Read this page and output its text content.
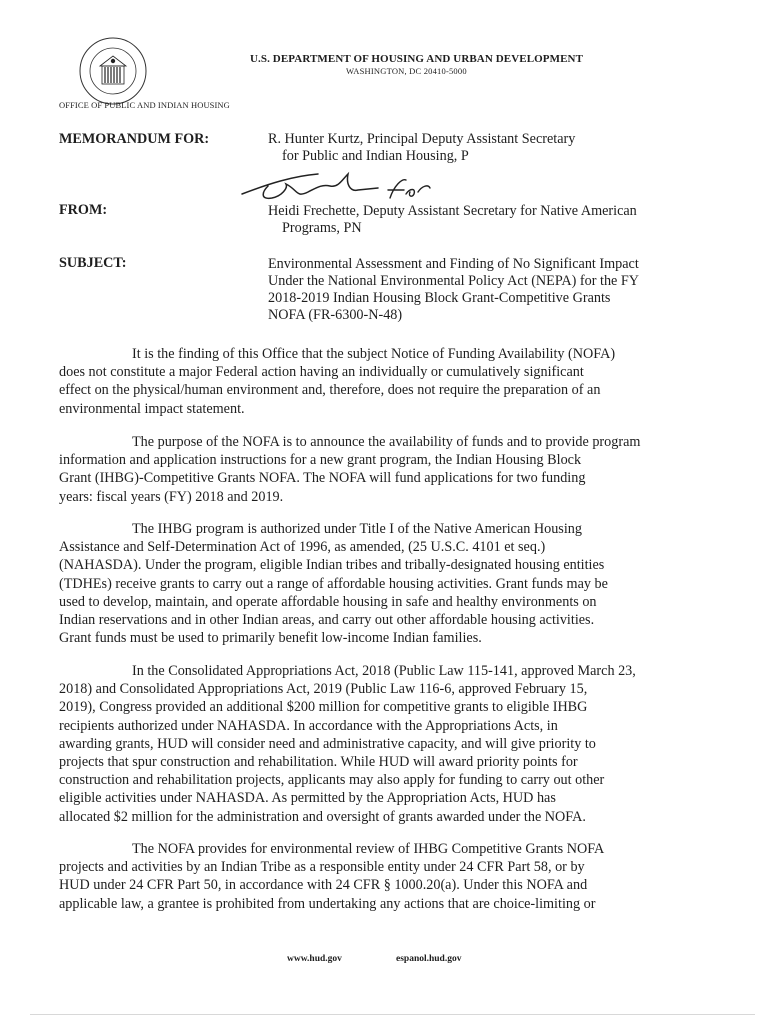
U.S. DEPARTMENT OF HOUSING AND URBAN DEVELOPMENT
WASHINGTON, DC 20410-5000
OFFICE OF PUBLIC AND INDIAN HOUSING
MEMORANDUM FOR:	R. Hunter Kurtz, Principal Deputy Assistant Secretary
for Public and Indian Housing, P
FROM:	Heidi Frechette, Deputy Assistant Secretary for Native American
Programs, PN
SUBJECT:	Environmental Assessment and Finding of No Significant Impact
Under the National Environmental Policy Act (NEPA) for the FY
2018-2019 Indian Housing Block Grant-Competitive Grants
NOFA (FR-6300-N-48)
It is the finding of this Office that the subject Notice of Funding Availability (NOFA)
does not constitute a major Federal action having an individually or cumulatively significant
effect on the physical/human environment and, therefore, does not require the preparation of an
environmental impact statement.
The purpose of the NOFA is to announce the availability of funds and to provide program
information and application instructions for a new grant program, the Indian Housing Block
Grant (IHBG)-Competitive Grants NOFA. The NOFA will fund applications for two funding
years: fiscal years (FY) 2018 and 2019.
The IHBG program is authorized under Title I of the Native American Housing
Assistance and Self-Determination Act of 1996, as amended, (25 U.S.C. 4101 et seq.)
(NAHASDA). Under the program, eligible Indian tribes and tribally-designated housing entities
(TDHEs) receive grants to carry out a range of affordable housing activities. Grant funds may be
used to develop, maintain, and operate affordable housing in safe and healthy environments on
Indian reservations and in other Indian areas, and carry out other affordable housing activities.
Grant funds must be used to primarily benefit low-income Indian families.
In the Consolidated Appropriations Act, 2018 (Public Law 115-141, approved March 23,
2018) and Consolidated Appropriations Act, 2019 (Public Law 116-6, approved February 15,
2019), Congress provided an additional $200 million for competitive grants to eligible IHBG
recipients authorized under NAHASDA. In accordance with the Appropriations Acts, in
awarding grants, HUD will consider need and administrative capacity, and will give priority to
projects that spur construction and rehabilitation. While HUD will award priority points for
construction and rehabilitation projects, applicants may also apply for funding to carry out other
eligible activities under NAHASDA. As permitted by the Appropriation Acts, HUD has
allocated $2 million for the administration and oversight of grants awarded under the NOFA.
The NOFA provides for environmental review of IHBG Competitive Grants NOFA
projects and activities by an Indian Tribe as a responsible entity under 24 CFR Part 58, or by
HUD under 24 CFR Part 50, in accordance with 24 CFR § 1000.20(a). Under this NOFA and
applicable law, a grantee is prohibited from undertaking any actions that are choice-limiting or
www.hud.gov	espanol.hud.gov
